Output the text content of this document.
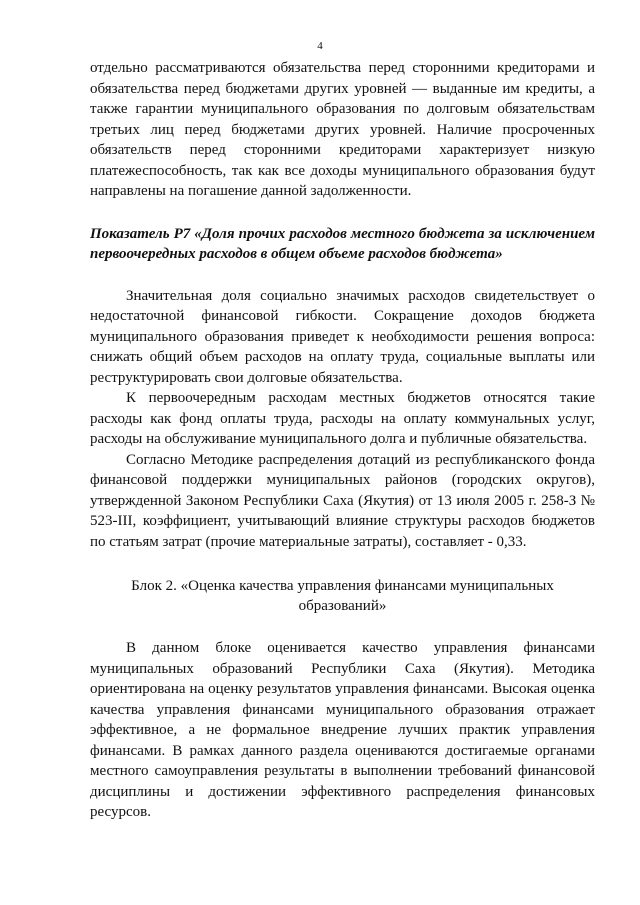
4

отдельно рассматриваются обязательства перед сторонними кредиторами и обязательства перед бюджетами других уровней — выданные им кредиты, а также гарантии муниципального образования по долговым обязательствам третьих лиц перед бюджетами других уровней. Наличие просроченных обязательств перед сторонними кредиторами характеризует низкую платежеспособность, так как все доходы муниципального образования будут направлены на погашение данной задолженности.

Показатель Р7 «Доля прочих расходов местного бюджета за исключением первоочередных расходов в общем объеме расходов бюджета»

Значительная доля социально значимых расходов свидетельствует о недостаточной финансовой гибкости. Сокращение доходов бюджета муниципального образования приведет к необходимости решения вопроса: снижать общий объем расходов на оплату труда, социальные выплаты или реструктурировать свои долговые обязательства.

К первоочередным расходам местных бюджетов относятся такие расходы как фонд оплаты труда, расходы на оплату коммунальных услуг, расходы на обслуживание муниципального долга и публичные обязательства.

Согласно Методике распределения дотаций из республиканского фонда финансовой поддержки муниципальных районов (городских округов), утвержденной Законом Республики Саха (Якутия) от 13 июля 2005 г. 258-З № 523-III, коэффициент, учитывающий влияние структуры расходов бюджетов по статьям затрат (прочие материальные затраты), составляет - 0,33.

Блок 2. «Оценка качества управления финансами муниципальных образований»

В данном блоке оценивается качество управления финансами муниципальных образований Республики Саха (Якутия). Методика ориентирована на оценку результатов управления финансами. Высокая оценка качества управления финансами муниципального образования отражает эффективное, а не формальное внедрение лучших практик управления финансами. В рамках данного раздела оцениваются достигаемые органами местного самоуправления результаты в выполнении требований финансовой дисциплины и достижении эффективного распределения финансовых ресурсов.
